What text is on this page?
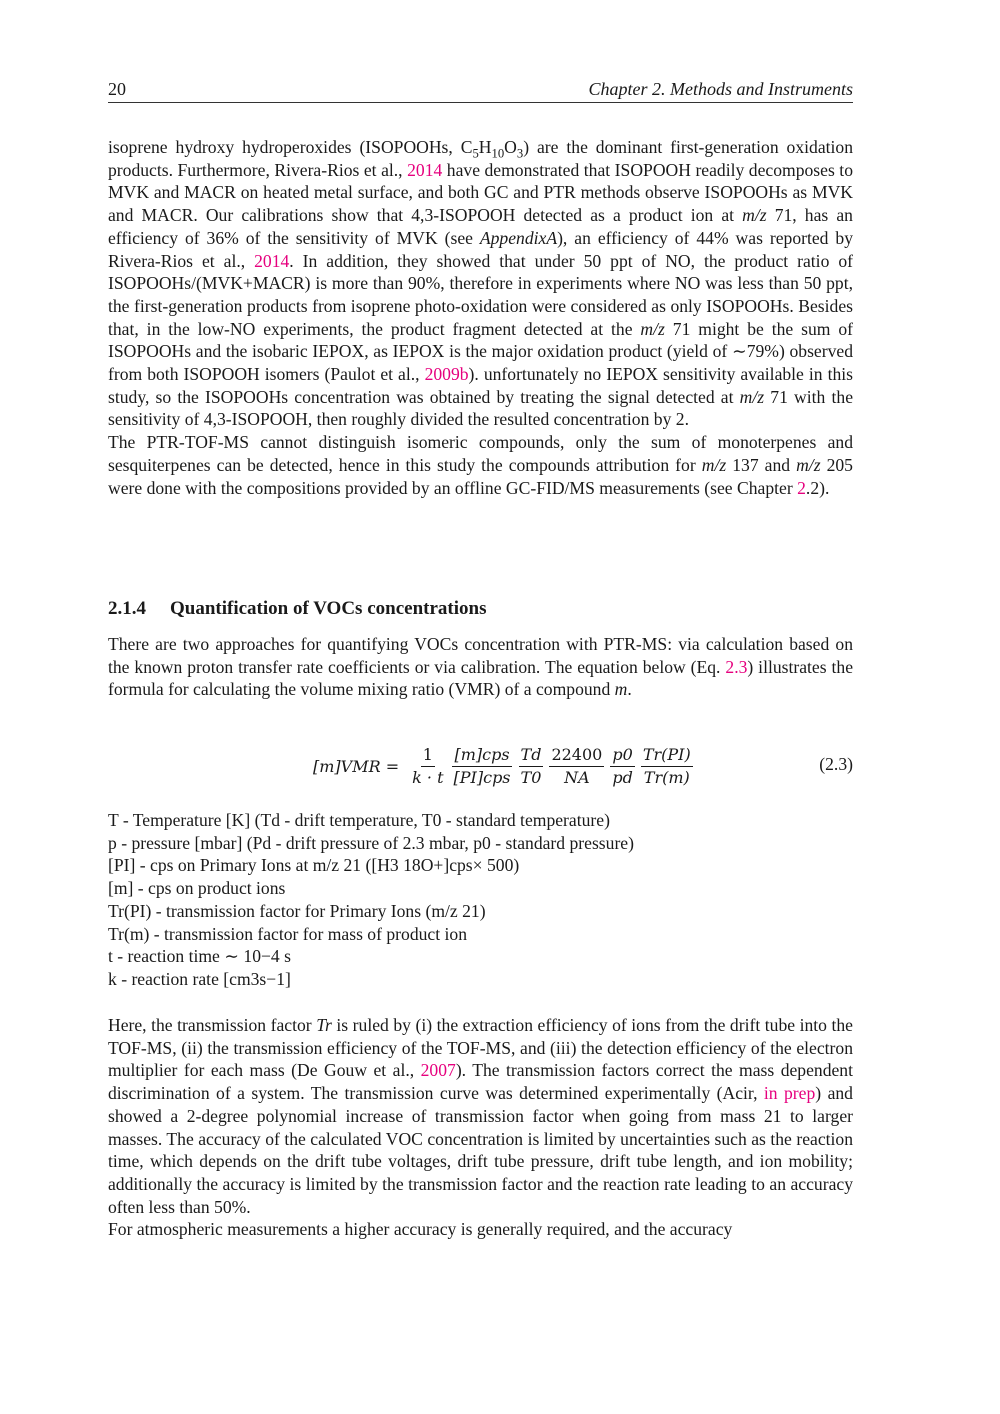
20	Chapter 2. Methods and Instruments

isoprene hydroxy hydroperoxides (ISOPOOHs, $C_5H_{10}O_3$) are the dominant first-generation oxidation products. Furthermore, Rivera-Rios et al., 2014 have demonstrated that ISOPOOH readily decomposes to MVK and MACR on heated metal surface, and both GC and PTR methods observe ISOPOOHs as MVK and MACR. Our calibrations show that 4,3-ISOPOOH detected as a product ion at m/z 71, has an efficiency of 36% of the sensitivity of MVK (see AppendixA), an efficiency of 44% was reported by Rivera-Rios et al., 2014. In addition, they showed that under 50 ppt of NO, the product ratio of ISOPOOHs/(MVK+MACR) is more than 90%, therefore in experiments where NO was less than 50 ppt, the first-generation products from isoprene photo-oxidation were considered as only ISOPOOHs. Besides that, in the low-NO experiments, the product fragment detected at the m/z 71 might be the sum of ISOPOOHs and the isobaric IEPOX, as IEPOX is the major oxidation product (yield of ∼79%) observed from both ISOPOOH isomers (Paulot et al., 2009b). unfortunately no IEPOX sensitivity available in this study, so the ISOPOOHs concentration was obtained by treating the signal detected at m/z 71 with the sensitivity of 4,3-ISOPOOH, then roughly divided the resulted concentration by 2.

The PTR-TOF-MS cannot distinguish isomeric compounds, only the sum of monoterpenes and sesquiterpenes can be detected, hence in this study the compounds attribution for m/z 137 and m/z 205 were done with the compositions provided by an offline GC-FID/MS measurements (see Chapter 2.2).

2.1.4 Quantification of VOCs concentrations

There are two approaches for quantifying VOCs concentration with PTR-MS: via calculation based on the known proton transfer rate coefficients or via calibration. The equation below (Eq. 2.3) illustrates the formula for calculating the volume mixing ratio (VMR) of a compound m.

$[m]VMR = \frac{1}{k \cdot t} \frac{\text{[m]cps}}{\text{[PI]cps}} \frac{Td}{T0} \frac{22400}{NA} \frac{p0}{pd} \frac{Tr(PI)}{Tr(m)}$	(2.3)
T - Temperature [K] (Td - drift temperature, T0 - standard temperature)
p - pressure [mbar] (Pd - drift pressure of 2.3 mbar, p0 - standard pressure)
[PI] - cps on Primary Ions at m/z 21 ([H3 18O+]cps× 500)
[m] - cps on product ions
Tr(PI) - transmission factor for Primary Ions (m/z 21)
Tr(m) - transmission factor for mass of product ion
t - reaction time ∼ 10−4 s
k - reaction rate [cm3s−1]

Here, the transmission factor Tr is ruled by (i) the extraction efficiency of ions from the drift tube into the TOF-MS, (ii) the transmission efficiency of the TOF-MS, and (iii) the detection efficiency of the electron multiplier for each mass (De Gouw et al., 2007). The transmission factors correct the mass dependent discrimination of a system. The transmission curve was determined experimentally (Acir, in prep) and showed a 2-degree polynomial increase of transmission factor when going from mass 21 to larger masses. The accuracy of the calculated VOC concentration is limited by uncertainties such as the reaction time, which depends on the drift tube voltages, drift tube pressure, drift tube length, and ion mobility; additionally the accuracy is limited by the transmission factor and the reaction rate leading to an accuracy often less than 50%.

For atmospheric measurements a higher accuracy is generally required, and the accuracy
